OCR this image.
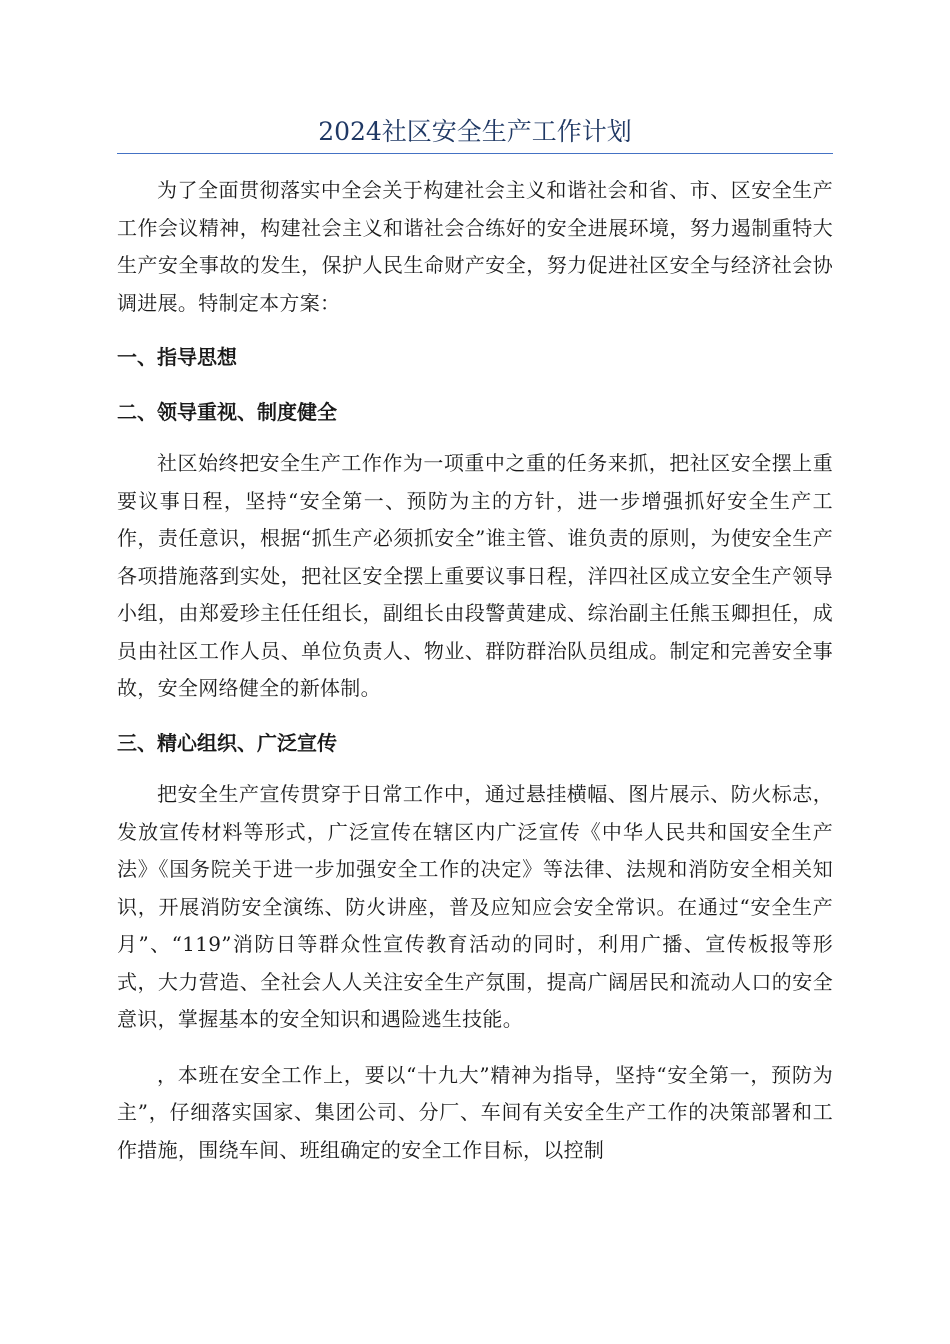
2024社区安全生产工作计划

为了全面贯彻落实中全会关于构建社会主义和谐社会和省、市、区安全生产工作会议精神，构建社会主义和谐社会合练好的安全进展环境，努力遏制重特大生产安全事故的发生，保护人民生命财产安全，努力促进社区安全与经济社会协调进展。特制定本方案：

一、指导思想

二、领导重视、制度健全

社区始终把安全生产工作作为一项重中之重的任务来抓，把社区安全摆上重要议事日程，坚持“安全第一、预防为主的方针，进一步增强抓好安全生产工作，责任意识，根据“抓生产必须抓安全”谁主管、谁负责的原则，为使安全生产各项措施落到实处，把社区安全摆上重要议事日程，洋四社区成立安全生产领导小组，由郑爱珍主任任组长，副组长由段警黄建成、综治副主任熊玉卿担任，成员由社区工作人员、单位负责人、物业、群防群治队员组成。制定和完善安全事故，安全网络健全的新体制。

三、精心组织、广泛宣传

把安全生产宣传贯穿于日常工作中，通过悬挂横幅、图片展示、防火标志，发放宣传材料等形式，广泛宣传在辖区内广泛宣传《中华人民共和国安全生产法》《国务院关于进一步加强安全工作的决定》等法律、法规和消防安全相关知识，开展消防安全演练、防火讲座，普及应知应会安全常识。在通过“安全生产月”、“119”消防日等群众性宣传教育活动的同时，利用广播、宣传板报等形式，大力营造、全社会人人关注安全生产氛围，提高广阔居民和流动人口的安全意识，掌握基本的安全知识和遇险逃生技能。

，本班在安全工作上，要以“十九大”精神为指导，坚持“安全第一，预防为主”，仔细落实国家、集团公司、分厂、车间有关安全生产工作的决策部署和工作措施，围绕车间、班组确定的安全工作目标，以控制
